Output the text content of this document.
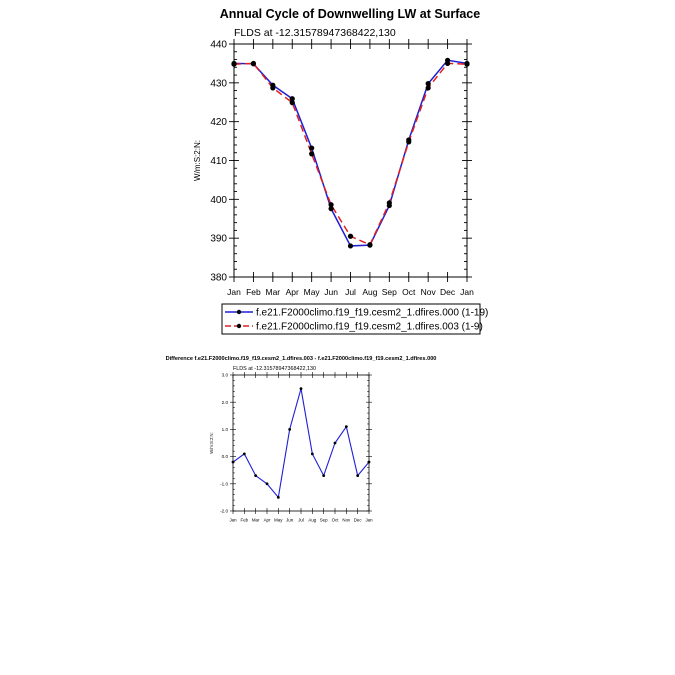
Annual Cycle of Downwelling LW at Surface
FLDS at -12.31578947368422,130
W/m:S:2:N:
380
390
400
410
420
430
440
Jan Feb Mar Apr May Jun Jul Aug Sep Oct Nov Dec Jan
f.e21.F2000climo.f19_f19.cesm2_1.dfires.000 (1-19)
f.e21.F2000climo.f19_f19.cesm2_1.dfires.003 (1-9)
Difference f.e21.F2000climo.f19_f19.cesm2_1.dfires.003 - f.e21.F2000climo.f19_f19.cesm2_1.dfires.000
FLDS at -12.31578947368422,130
W/m:S:2:N:
-2.0
-1.0
0.0
1.0
2.0
3.0
Jan Feb Mar Apr May Jun Jul Aug Sep Oct Nov Dec Jan
